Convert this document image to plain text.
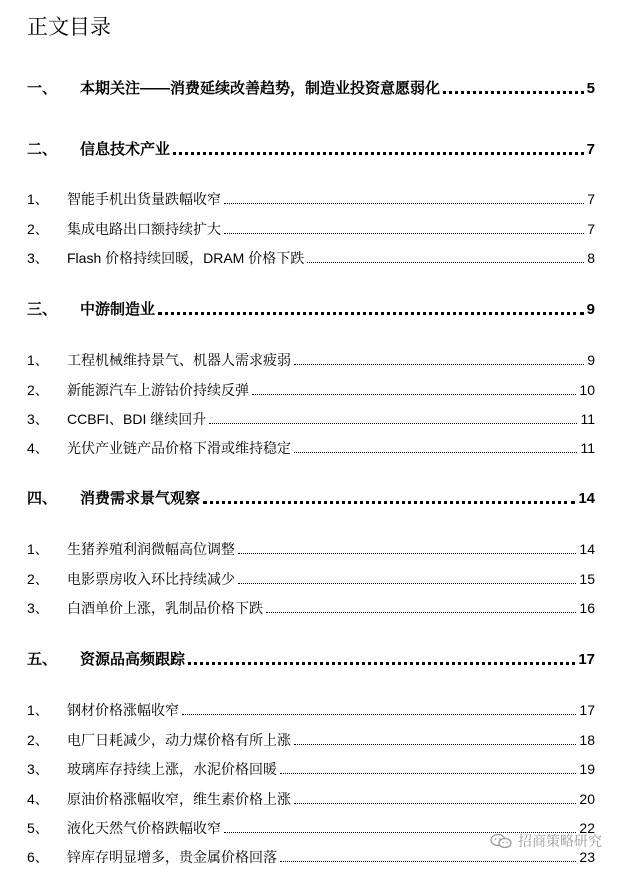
正文目录
一、	本期关注——消费延续改善趋势，制造业投资意愿弱化	5
二、	信息技术产业	7
1、	智能手机出货量跌幅收窄	7
2、	集成电路出口额持续扩大	7
3、	Flash 价格持续回暖，DRAM 价格下跌	8
三、	中游制造业	9
1、	工程机械维持景气、机器人需求疲弱	9
2、	新能源汽车上游钴价持续反弹	10
3、	CCBFI、BDI 继续回升	11
4、	光伏产业链产品价格下滑或维持稳定	11
四、	消费需求景气观察	14
1、	生猪养殖利润微幅高位调整	14
2、	电影票房收入环比持续减少	15
3、	白酒单价上涨，乳制品价格下跌	16
五、	资源品高频跟踪	17
1、	钢材价格涨幅收窄	17
2、	电厂日耗减少，动力煤价格有所上涨	18
3、	玻璃库存持续上涨，水泥价格回暖	19
4、	原油价格涨幅收窄，维生素价格上涨	20
5、	液化天然气价格跌幅收窄	22
6、	锌库存明显增多，贵金属价格回落	23
招商策略研究
